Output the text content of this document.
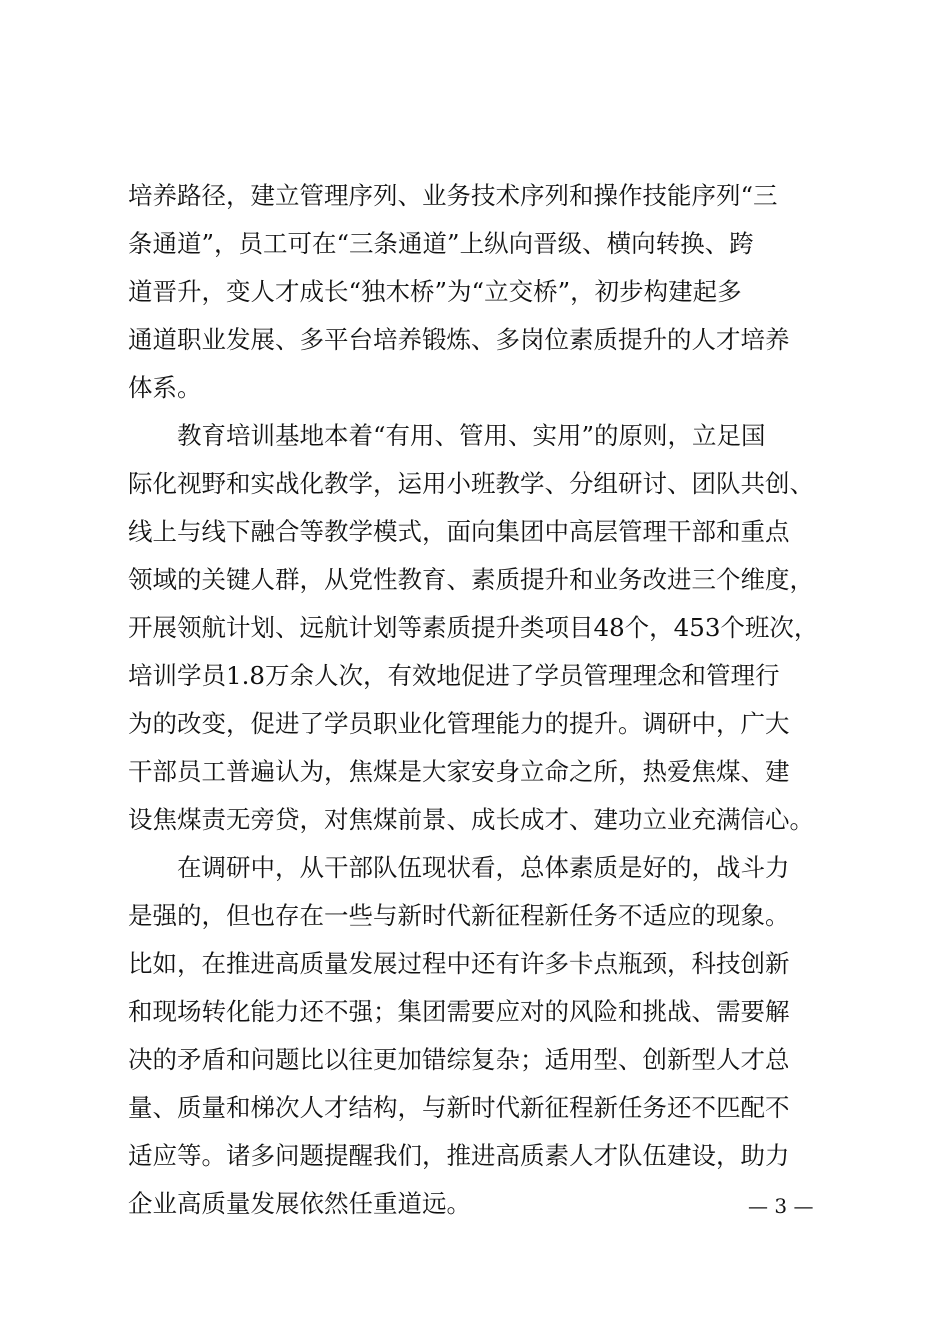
培养路径，建立管理序列、业务技术序列和操作技能序列“三
条通道”，员工可在“三条通道”上纵向晋级、横向转换、跨
道晋升，变人才成长“独木桥”为“立交桥”，初步构建起多
通道职业发展、多平台培养锻炼、多岗位素质提升的人才培养
体系。
　　教育培训基地本着“有用、管用、实用”的原则，立足国
际化视野和实战化教学，运用小班教学、分组研讨、团队共创、
线上与线下融合等教学模式，面向集团中高层管理干部和重点
领域的关键人群，从党性教育、素质提升和业务改进三个维度，
开展领航计划、远航计划等素质提升类项目48个，453个班次，
培训学员1.8万余人次，有效地促进了学员管理理念和管理行
为的改变，促进了学员职业化管理能力的提升。调研中，广大
干部员工普遍认为，焦煤是大家安身立命之所，热爱焦煤、建
设焦煤责无旁贷，对焦煤前景、成长成才、建功立业充满信心。
　　在调研中，从干部队伍现状看，总体素质是好的，战斗力
是强的，但也存在一些与新时代新征程新任务不适应的现象。
比如，在推进高质量发展过程中还有许多卡点瓶颈，科技创新
和现场转化能力还不强；集团需要应对的风险和挑战、需要解
决的矛盾和问题比以往更加错综复杂；适用型、创新型人才总
量、质量和梯次人才结构，与新时代新征程新任务还不匹配不
适应等。诸多问题提醒我们，推进高质素人才队伍建设，助力
企业高质量发展依然任重道远。	— 3 —
